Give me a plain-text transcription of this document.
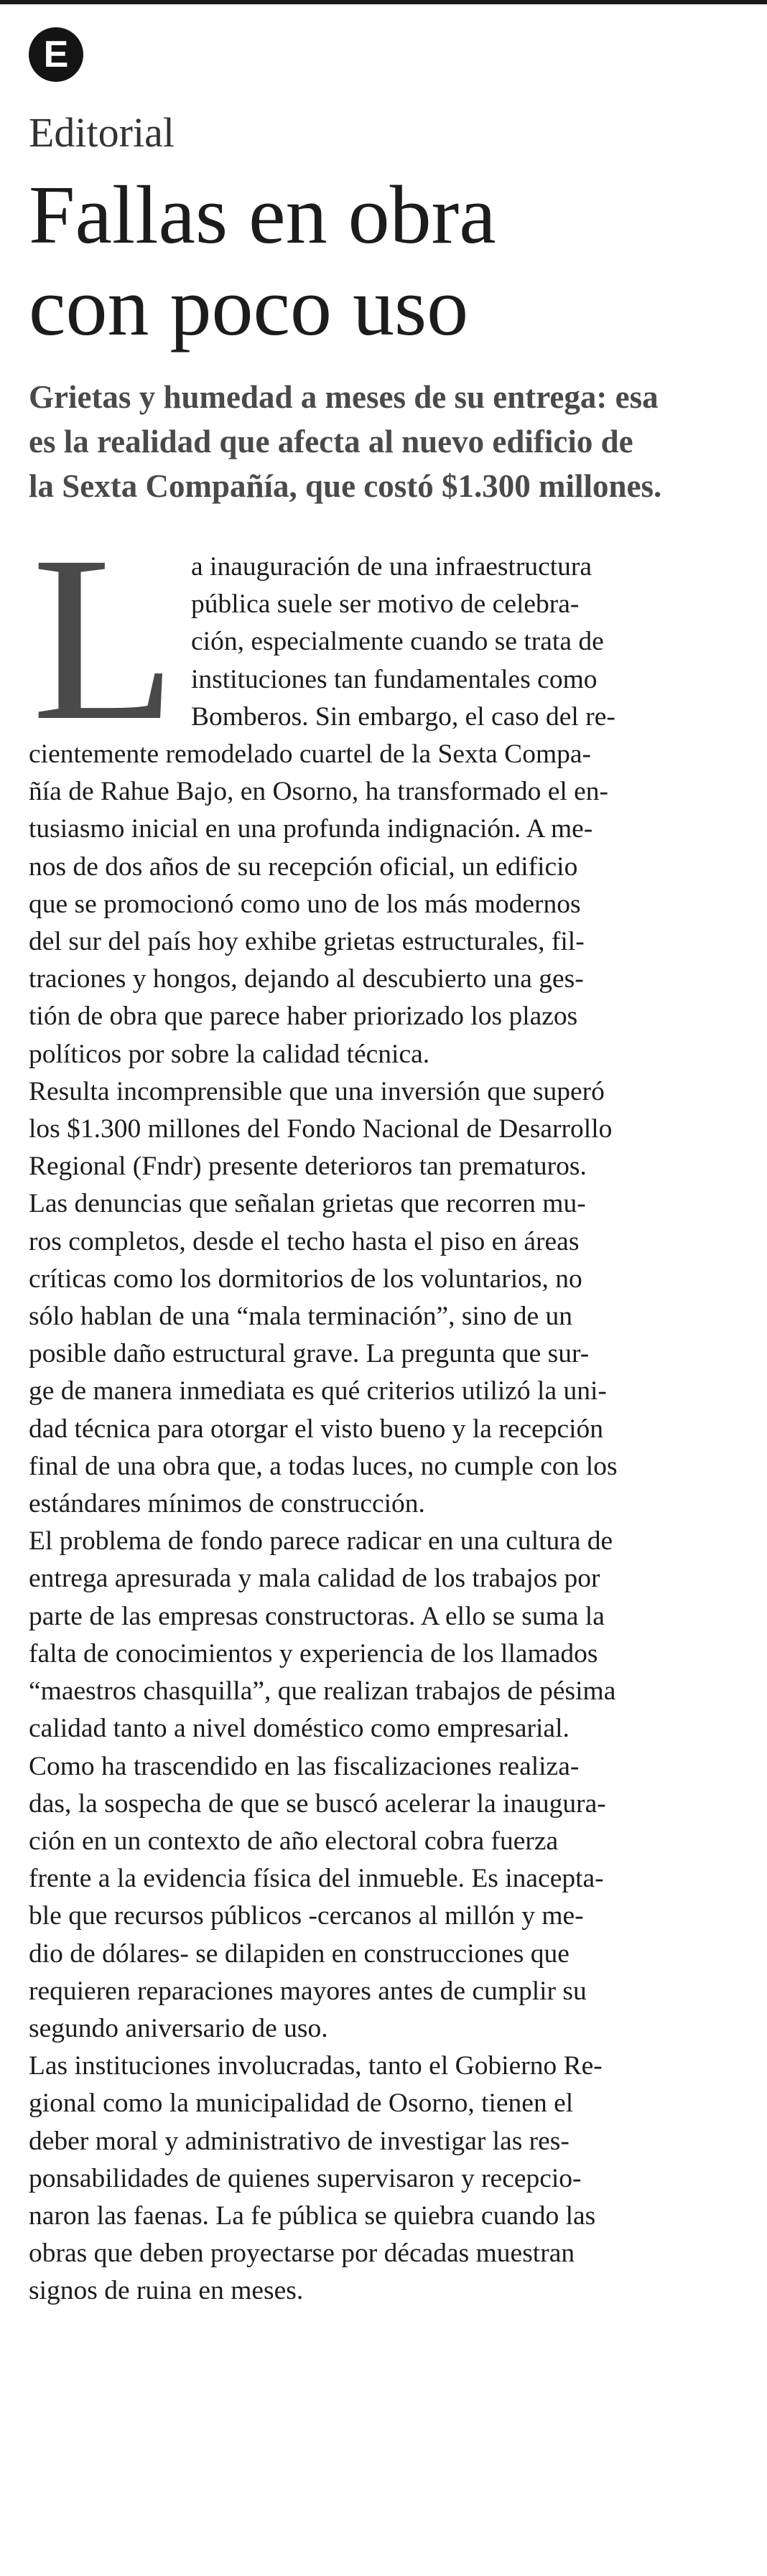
E
Editorial
Fallas en obra
con poco uso
Grietas y humedad a meses de su entrega: esa
es la realidad que afecta al nuevo edificio de
la Sexta Compañía, que costó $1.300 millones.
L a inauguración de una infraestructura
pública suele ser motivo de celebra-
ción, especialmente cuando se trata de
instituciones tan fundamentales como
Bomberos. Sin embargo, el caso del re-
cientemente remodelado cuartel de la Sexta Compa-
ñía de Rahue Bajo, en Osorno, ha transformado el en-
tusiasmo inicial en una profunda indignación. A me-
nos de dos años de su recepción oficial, un edificio
que se promocionó como uno de los más modernos
del sur del país hoy exhibe grietas estructurales, fil-
traciones y hongos, dejando al descubierto una ges-
tión de obra que parece haber priorizado los plazos
políticos por sobre la calidad técnica.

Resulta incomprensible que una inversión que superó
los $1.300 millones del Fondo Nacional de Desarrollo
Regional (Fndr) presente deterioros tan prematuros.
Las denuncias que señalan grietas que recorren mu-
ros completos, desde el techo hasta el piso en áreas
críticas como los dormitorios de los voluntarios, no
sólo hablan de una “mala terminación”, sino de un
posible daño estructural grave. La pregunta que sur-
ge de manera inmediata es qué criterios utilizó la uni-
dad técnica para otorgar el visto bueno y la recepción
final de una obra que, a todas luces, no cumple con los
estándares mínimos de construcción.

El problema de fondo parece radicar en una cultura de
entrega apresurada y mala calidad de los trabajos por
parte de las empresas constructoras. A ello se suma la
falta de conocimientos y experiencia de los llamados
“maestros chasquilla”, que realizan trabajos de pésima
calidad tanto a nivel doméstico como empresarial.

Como ha trascendido en las fiscalizaciones realiza-
das, la sospecha de que se buscó acelerar la inaugura-
ción en un contexto de año electoral cobra fuerza
frente a la evidencia física del inmueble. Es inacepta-
ble que recursos públicos -cercanos al millón y me-
dio de dólares- se dilapiden en construcciones que
requieren reparaciones mayores antes de cumplir su
segundo aniversario de uso.

Las instituciones involucradas, tanto el Gobierno Re-
gional como la municipalidad de Osorno, tienen el
deber moral y administrativo de investigar las res-
ponsabilidades de quienes supervisaron y recepcio-
naron las faenas. La fe pública se quiebra cuando las
obras que deben proyectarse por décadas muestran
signos de ruina en meses.
